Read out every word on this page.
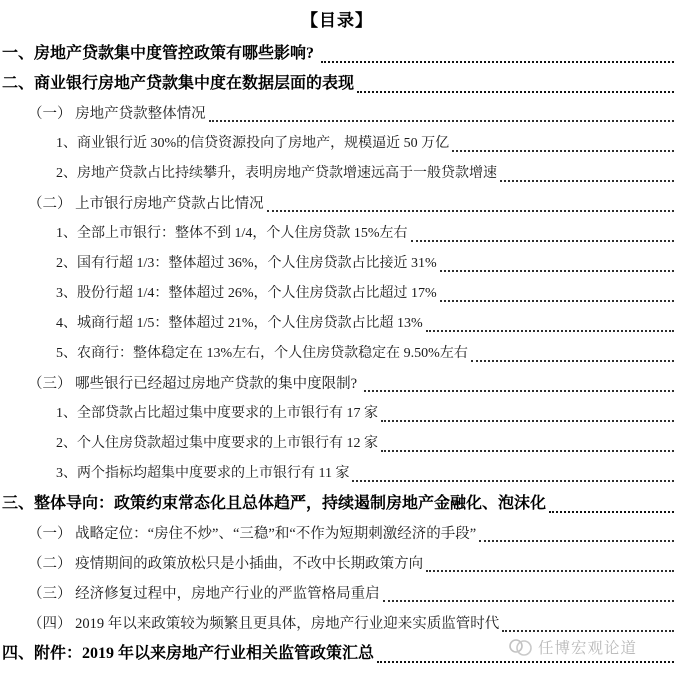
【目录】
一、房地产贷款集中度管控政策有哪些影响?
二、商业银行房地产贷款集中度在数据层面的表现
（一） 房地产贷款整体情况
1、商业银行近 30%的信贷资源投向了房地产，规模逼近 50 万亿
2、房地产贷款占比持续攀升，表明房地产贷款增速远高于一般贷款增速
（二） 上市银行房地产贷款占比情况
1、全部上市银行：整体不到 1/4，个人住房贷款 15%左右
2、国有行超 1/3：整体超过 36%，个人住房贷款占比接近 31%
3、股份行超 1/4：整体超过 26%，个人住房贷款占比超过 17%
4、城商行超 1/5：整体超过 21%，个人住房贷款占比超 13%
5、农商行：整体稳定在 13%左右，个人住房贷款稳定在 9.50%左右
（三） 哪些银行已经超过房地产贷款的集中度限制?
1、全部贷款占比超过集中度要求的上市银行有 17 家
2、个人住房贷款超过集中度要求的上市银行有 12 家
3、两个指标均超集中度要求的上市银行有 11 家
三、整体导向：政策约束常态化且总体趋严，持续遏制房地产金融化、泡沫化
（一） 战略定位：“房住不炒”、“三稳”和“不作为短期刺激经济的手段”
（二） 疫情期间的政策放松只是小插曲，不改中长期政策方向
（三） 经济修复过程中，房地产行业的严监管格局重启
（四） 2019 年以来政策较为频繁且更具体，房地产行业迎来实质监管时代
四、附件：2019 年以来房地产行业相关监管政策汇总	任博宏观论道
